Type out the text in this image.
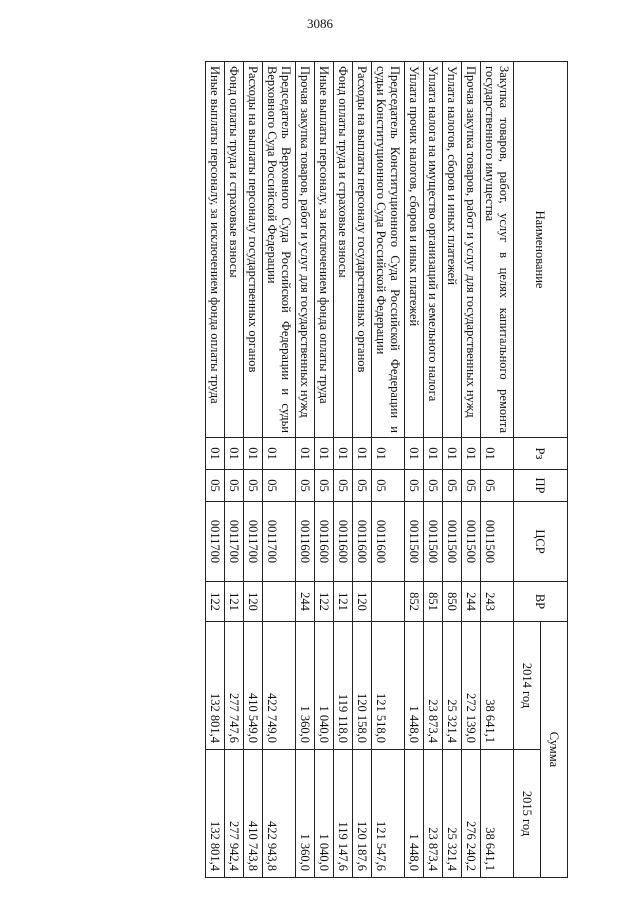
3086
Наименование	Рз	ПР	ЦСР	ВР	Сумма	
					2014 год	2015 год
Закупка товаров, работ, услуг в целях капитального ремонта государственного имущества	01	05	0011500	243	38 641,1	38 641,1
Прочая закупка товаров, работ и услуг для государственных нужд	01	05	0011500	244	272 139,0	276 240,2
Уплата налогов, сборов и иных платежей	01	05	0011500	850	25 321,4	25 321,4
Уплата налога на имущество организаций и земельного налога	01	05	0011500	851	23 873,4	23 873,4
Уплата прочих налогов, сборов и иных платежей	01	05	0011500	852	1 448,0	1 448,0
Председатель Конституционного Суда Российской Федерации и судьи Конституционного Суда Российской Федерации	01	05	0011600		121 518,0	121 547,6
Расходы на выплаты персоналу государственных органов	01	05	0011600	120	120 158,0	120 187,6
Фонд оплаты труда и страховые взносы	01	05	0011600	121	119 118,0	119 147,6
Иные выплаты персоналу, за исключением фонда оплаты труда	01	05	0011600	122	1 040,0	1 040,0
Прочая закупка товаров, работ и услуг для государственных нужд	01	05	0011600	244	1 360,0	1 360,0
Председатель Верховного Суда Российской Федерации и судьи Верховного Суда Российской Федерации	01	05	0011700		422 749,0	422 943,8
Расходы на выплаты персоналу государственных органов	01	05	0011700	120	410 549,0	410 743,8
Фонд оплаты труда и страховые взносы	01	05	0011700	121	277 747,6	277 942,4
Иные выплаты персоналу, за исключением фонда оплаты труда	01	05	0011700	122	132 801,4	132 801,4
